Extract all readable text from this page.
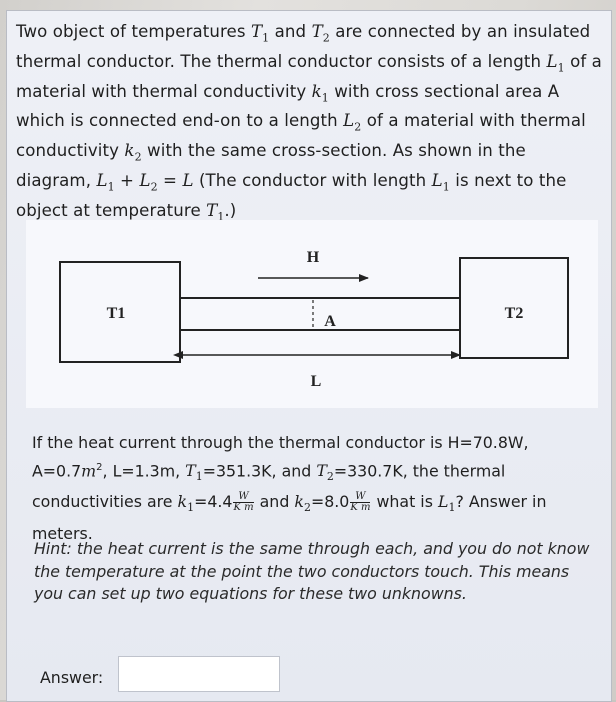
Two object of temperatures $T_1$ and $T_2$ are connected by an insulated thermal conductor. The thermal conductor consists of a length $L_1$ of a material with thermal conductivity $k_1$ with cross sectional area A which is connected end-on to a length $L_2$ of a material with thermal conductivity $k_2$ with the same cross-section. As shown in the diagram, $L_1 + L_2 = L$ (The conductor with length $L_1$ is next to the object at temperature $T_1$.)

T1	T2
H
A
L

If the heat current through the thermal conductor is H=70.8W, $A=0.7m^2$, L=1.3m, $T_1=351.3K$, and $T_2=330.7K$, the thermal conductivities are $k_1=4.4 \frac{W}{\text{K m}}$ and $k_2=8.0 \frac{W}{\text{K m}}$ what is $L_1$? Answer in meters.

Hint: the heat current is the same through each, and you do not know the temperature at the point the two conductors touch. This means you can set up two equations for these two unknowns.
Answer:
